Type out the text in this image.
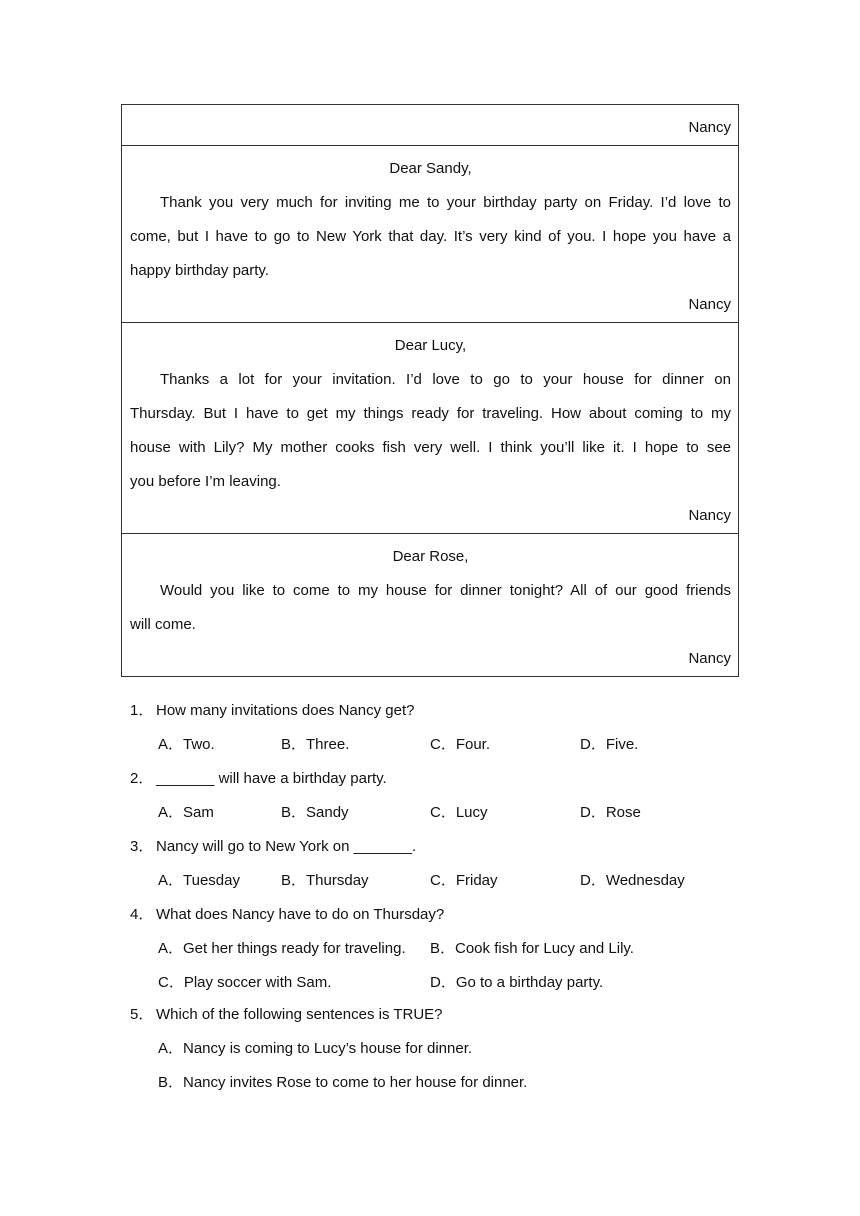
Nancy
Dear Sandy,
Thank you very much for inviting me to your birthday party on Friday. I’d love to
come, but I have to go to New York that day. It’s very kind of you. I hope you have a
happy birthday party.
Nancy
Dear Lucy,
Thanks a lot for your invitation. I’d love to go to your house for dinner on
Thursday. But I have to get my things ready for traveling. How about coming to my
house with Lily? My mother cooks fish very well. I think you’ll like it. I hope to see
you before I’m leaving.
Nancy
Dear Rose,
Would you like to come to my house for dinner tonight? All of our good friends
will come.
Nancy
1． How many invitations does Nancy get?
A．Two.	B．Three.	C．Four.	D．Five.
2． _______ will have a birthday party.
A．Sam	B．Sandy	C．Lucy	D．Rose
3． Nancy will go to New York on _______.
A．Tuesday	B．Thursday	C．Friday	D．Wednesday
4． What does Nancy have to do on Thursday?
A．Get her things ready for traveling. B．Cook fish for Lucy and Lily.
C．Play soccer with Sam.	D．Go to a birthday party.
5． Which of the following sentences is TRUE?
A．Nancy is coming to Lucy’s house for dinner.
B．Nancy invites Rose to come to her house for dinner.
